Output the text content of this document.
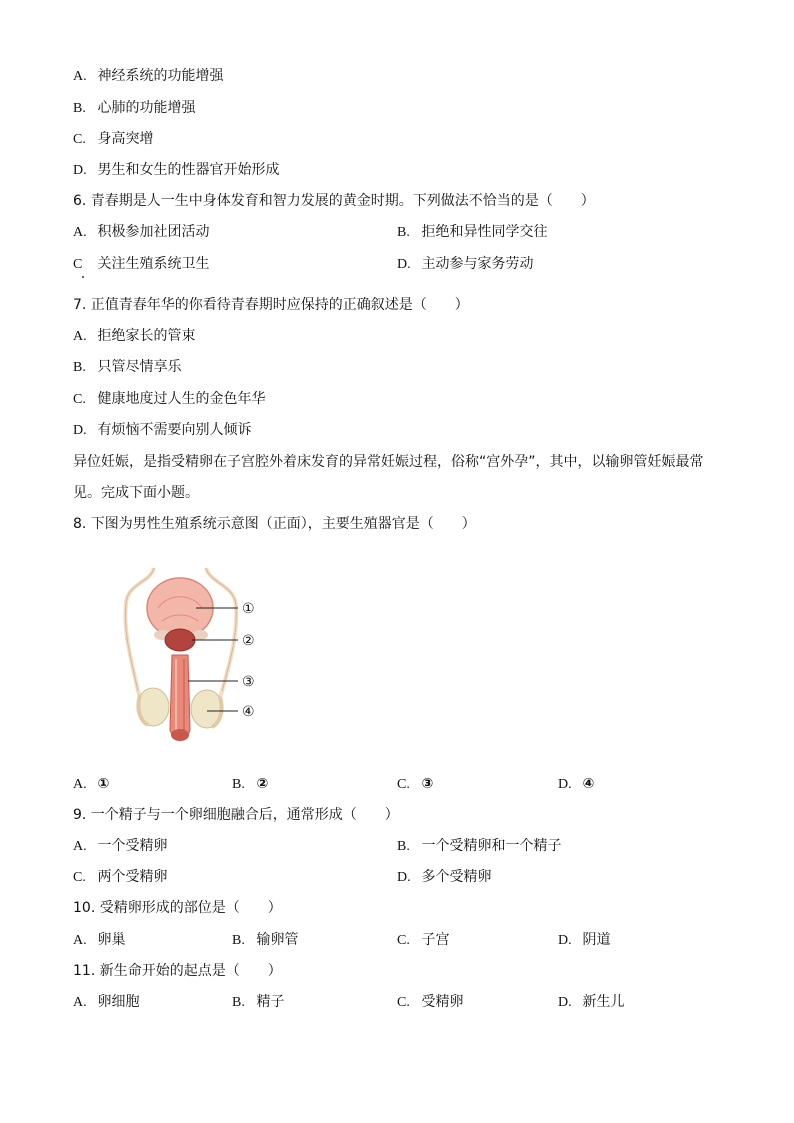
A. 神经系统的功能增强
B. 心肺的功能增强
C. 身高突增
D. 男生和女生的性器官开始形成
6. 青春期是人一生中身体发育和智力发展的黄金时期。下列做法不恰当的是（　　）
A. 积极参加社团活动	B. 拒绝和异性同学交往
C 关注生殖系统卫生	D. 主动参与家务劳动
7. 正值青春年华的你看待青春期时应保持的正确叙述是（　　）
A. 拒绝家长的管束
B. 只管尽情享乐
C. 健康地度过人生的金色年华
D. 有烦恼不需要向别人倾诉
异位妊娠，是指受精卵在子宫腔外着床发育的异常妊娠过程，俗称“宫外孕”，其中，以输卵管妊娠最常见。完成下面小题。
8. 下图为男性生殖系统示意图（正面），主要生殖器官是（　　）
①
②
③
④
A. ①	B. ②	C. ③	D. ④
9. 一个精子与一个卵细胞融合后，通常形成（　　）
A. 一个受精卵	B. 一个受精卵和一个精子
C. 两个受精卵	D. 多个受精卵
10. 受精卵形成的部位是（　　）
A. 卵巢	B. 输卵管	C. 子宫	D. 阴道
11. 新生命开始的起点是（　　）
A. 卵细胞	B. 精子	C. 受精卵	D. 新生儿
